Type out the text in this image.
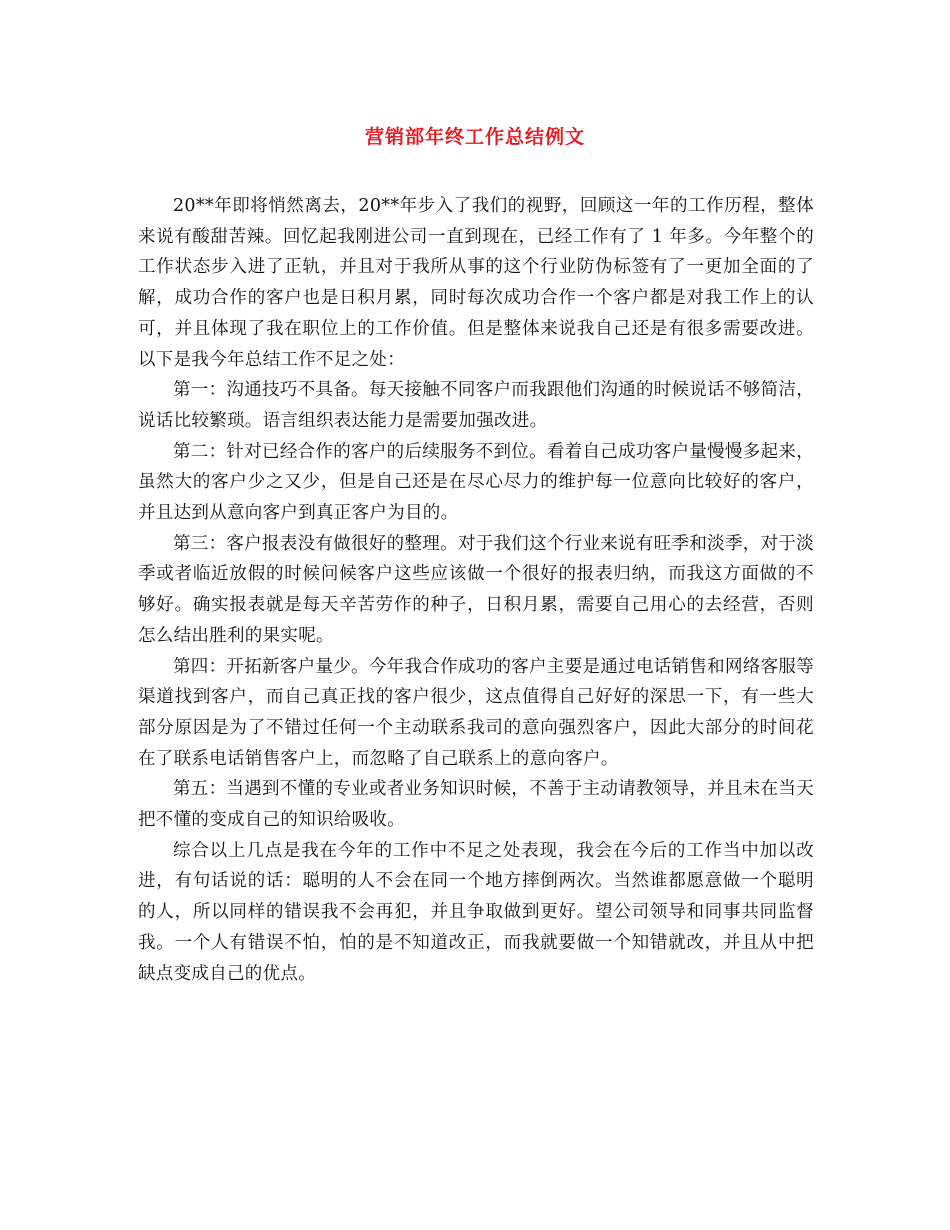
营销部年终工作总结例文

20**年即将悄然离去，20**年步入了我们的视野，回顾这一年的工作历程，整体来说有酸甜苦辣。回忆起我刚进公司一直到现在，已经工作有了 1 年多。今年整个的工作状态步入进了正轨，并且对于我所从事的这个行业防伪标签有了一更加全面的了解，成功合作的客户也是日积月累，同时每次成功合作一个客户都是对我工作上的认可，并且体现了我在职位上的工作价值。但是整体来说我自己还是有很多需要改进。以下是我今年总结工作不足之处：

第一：沟通技巧不具备。每天接触不同客户而我跟他们沟通的时候说话不够简洁，说话比较繁琐。语言组织表达能力是需要加强改进。

第二：针对已经合作的客户的后续服务不到位。看着自己成功客户量慢慢多起来，虽然大的客户少之又少，但是自己还是在尽心尽力的维护每一位意向比较好的客户，并且达到从意向客户到真正客户为目的。

第三：客户报表没有做很好的整理。对于我们这个行业来说有旺季和淡季，对于淡季或者临近放假的时候问候客户这些应该做一个很好的报表归纳，而我这方面做的不够好。确实报表就是每天辛苦劳作的种子，日积月累，需要自己用心的去经营，否则怎么结出胜利的果实呢。

第四：开拓新客户量少。今年我合作成功的客户主要是通过电话销售和网络客服等渠道找到客户，而自己真正找的客户很少，这点值得自己好好的深思一下，有一些大部分原因是为了不错过任何一个主动联系我司的意向强烈客户，因此大部分的时间花在了联系电话销售客户上，而忽略了自己联系上的意向客户。

第五：当遇到不懂的专业或者业务知识时候，不善于主动请教领导，并且未在当天把不懂的变成自己的知识给吸收。

综合以上几点是我在今年的工作中不足之处表现，我会在今后的工作当中加以改进，有句话说的话：聪明的人不会在同一个地方摔倒两次。当然谁都愿意做一个聪明的人，所以同样的错误我不会再犯，并且争取做到更好。望公司领导和同事共同监督我。一个人有错误不怕，怕的是不知道改正，而我就要做一个知错就改，并且从中把缺点变成自己的优点。
